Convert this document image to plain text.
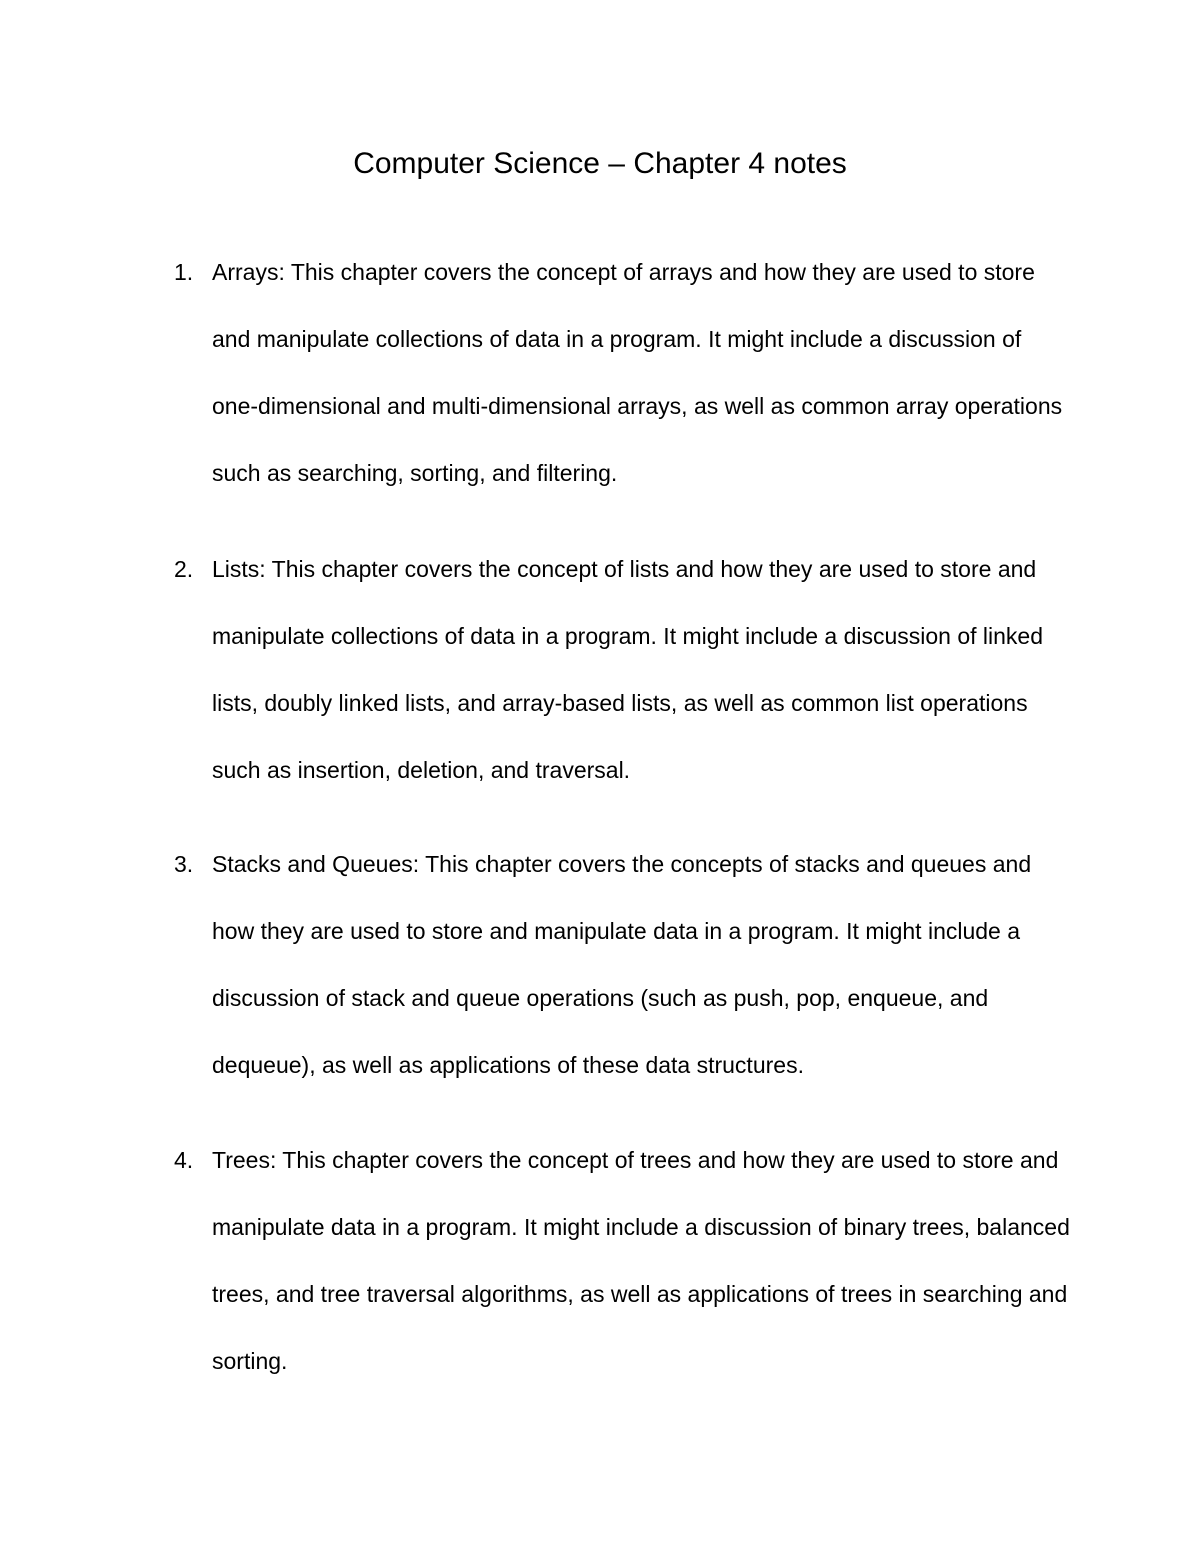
Computer Science – Chapter 4 notes
1. Arrays: This chapter covers the concept of arrays and how they are used to store and manipulate collections of data in a program. It might include a discussion of one-dimensional and multi-dimensional arrays, as well as common array operations such as searching, sorting, and filtering.

2. Lists: This chapter covers the concept of lists and how they are used to store and manipulate collections of data in a program. It might include a discussion of linked lists, doubly linked lists, and array-based lists, as well as common list operations such as insertion, deletion, and traversal.

3. Stacks and Queues: This chapter covers the concepts of stacks and queues and how they are used to store and manipulate data in a program. It might include a discussion of stack and queue operations (such as push, pop, enqueue, and dequeue), as well as applications of these data structures.

4. Trees: This chapter covers the concept of trees and how they are used to store and manipulate data in a program. It might include a discussion of binary trees, balanced trees, and tree traversal algorithms, as well as applications of trees in searching and sorting.
